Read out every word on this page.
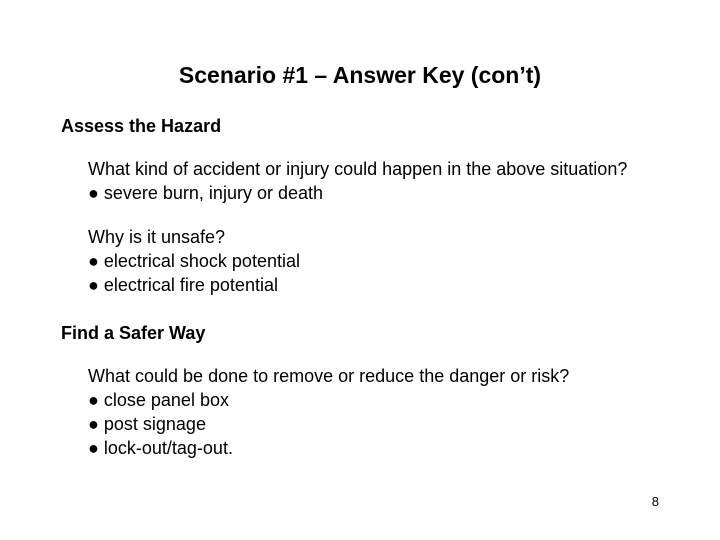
Scenario #1 – Answer Key (con’t)
Assess the Hazard
What kind of accident or injury could happen in the above situation?
● severe burn, injury or death
Why is it unsafe?
● electrical shock potential
● electrical fire potential
Find a Safer Way
What could be done to remove or reduce the danger or risk?
● close panel box
● post signage
● lock-out/tag-out.
8
